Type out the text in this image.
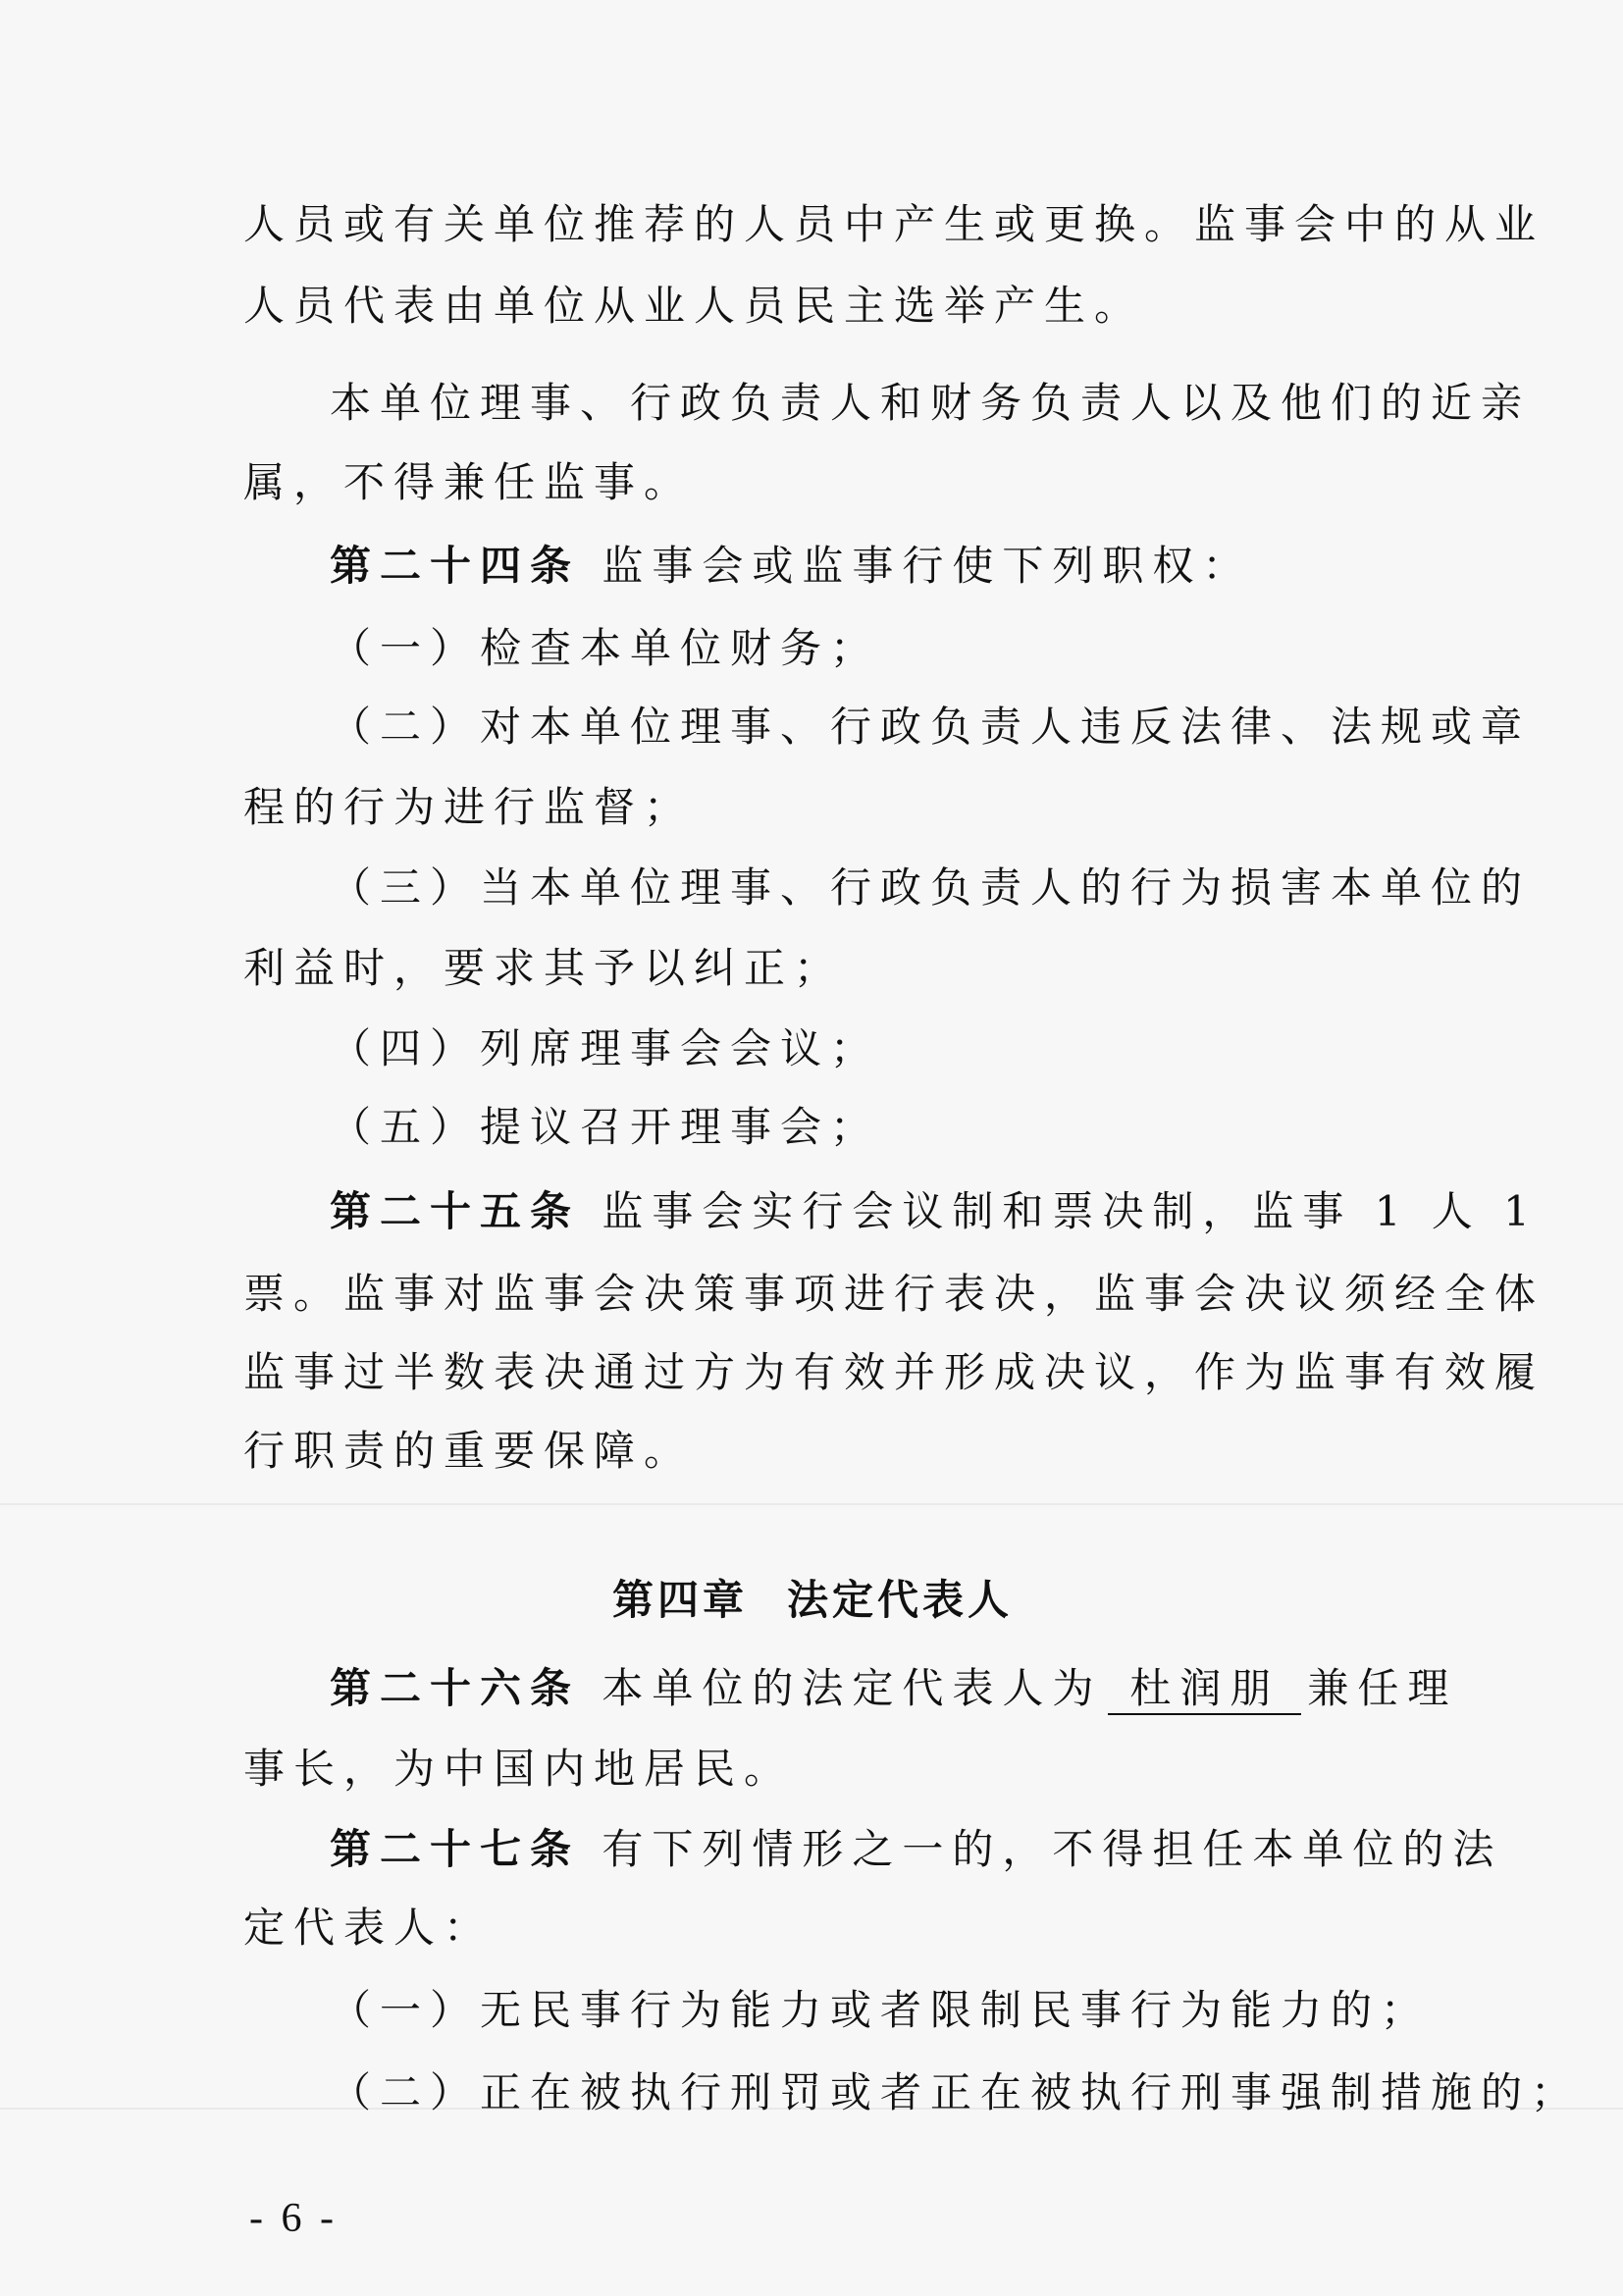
人员或有关单位推荐的人员中产生或更换。监事会中的从业
人员代表由单位从业人员民主选举产生。
本单位理事、行政负责人和财务负责人以及他们的近亲
属，不得兼任监事。
第二十四条 监事会或监事行使下列职权：
（一）检查本单位财务；
（二）对本单位理事、行政负责人违反法律、法规或章
程的行为进行监督；
（三）当本单位理事、行政负责人的行为损害本单位的
利益时，要求其予以纠正；
（四）列席理事会会议；
（五）提议召开理事会；
第二十五条 监事会实行会议制和票决制，监事 1 人 1
票。监事对监事会决策事项进行表决，监事会决议须经全体
监事过半数表决通过方为有效并形成决议，作为监事有效履
行职责的重要保障。
第四章 法定代表人
第二十六条 本单位的法定代表人为 杜润朋 兼任理
事长，为中国内地居民。
第二十七条 有下列情形之一的，不得担任本单位的法
定代表人：
（一）无民事行为能力或者限制民事行为能力的；
（二）正在被执行刑罚或者正在被执行刑事强制措施的；
- 6 -
